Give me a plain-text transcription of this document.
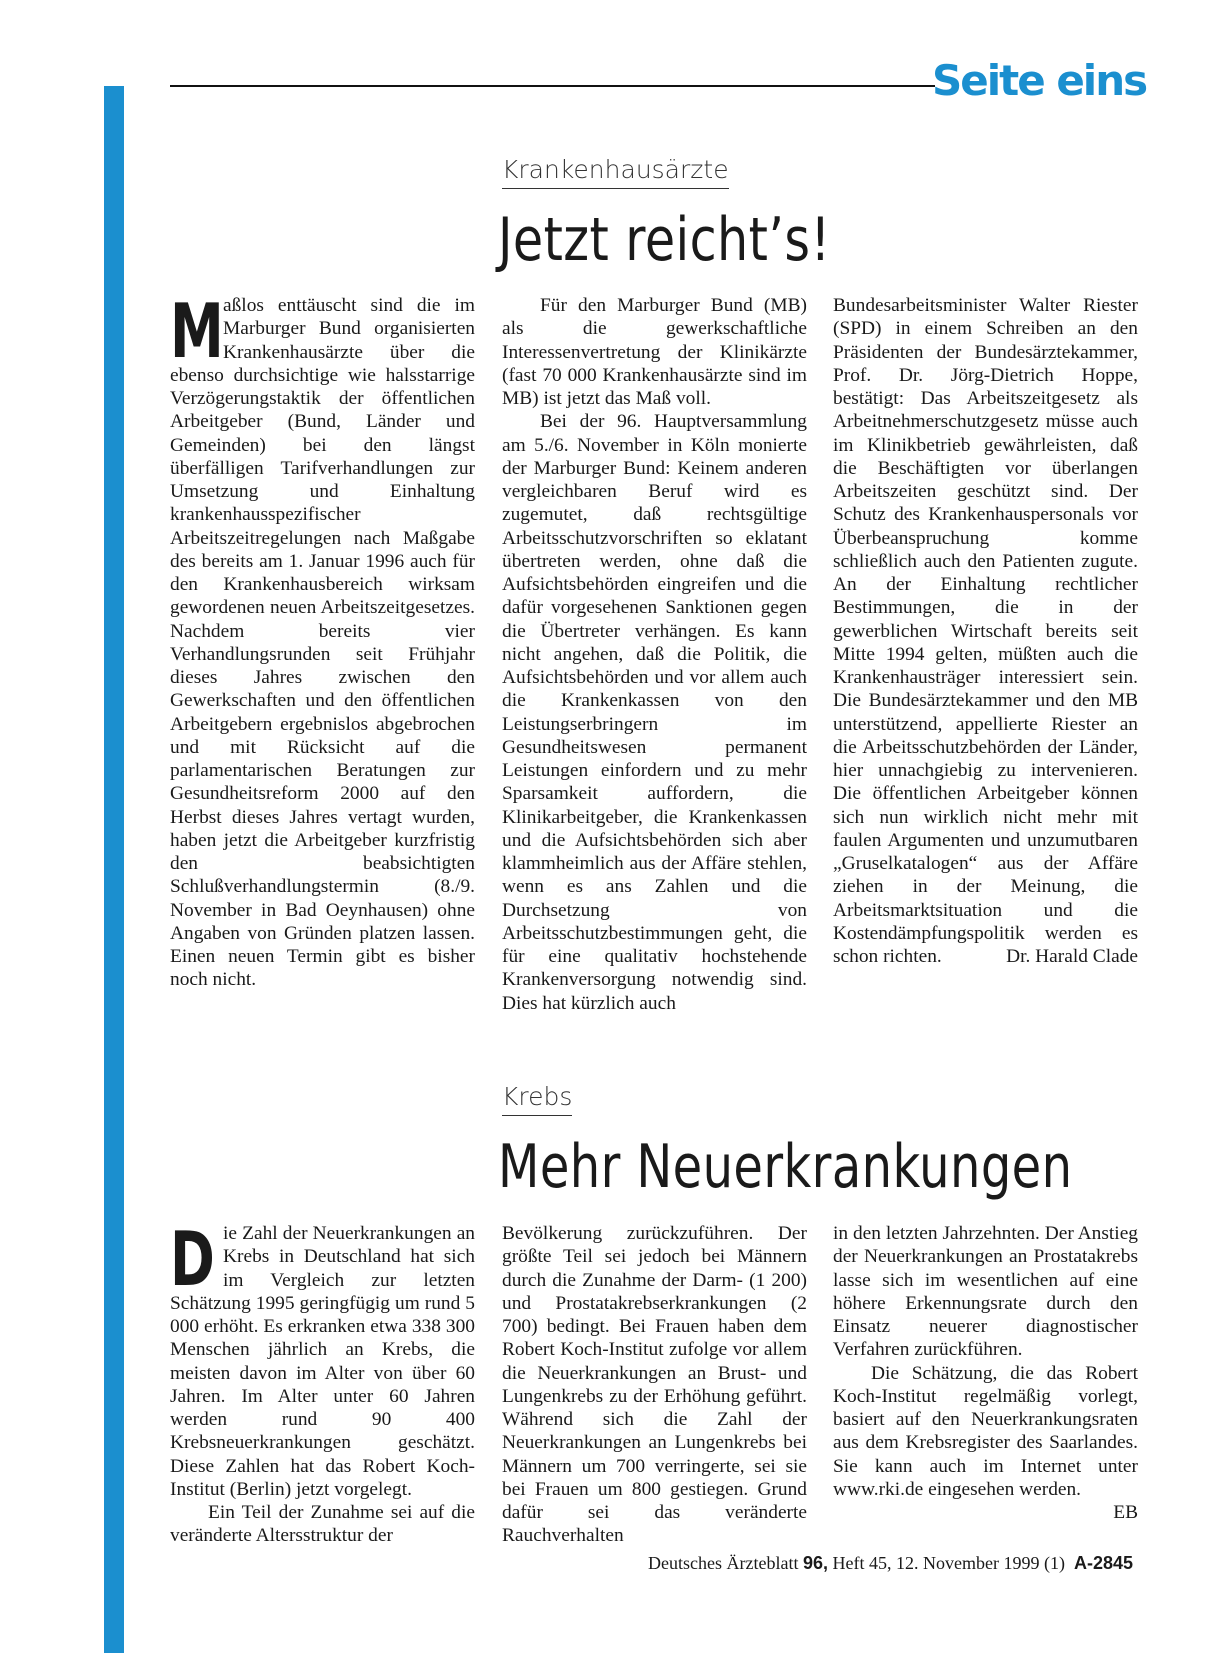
Seite eins
Krankenhausärzte
Jetzt reicht’s!
M aßlos enttäuscht sind die im Marburger Bund organisierten Krankenhausärzte über die ebenso durchsichtige wie halsstarrige Verzögerungstaktik der öffentlichen Arbeitgeber (Bund, Länder und Gemeinden) bei den längst überfälligen Tarifverhandlungen zur Umsetzung und Einhaltung krankenhausspezifischer Arbeitszeitregelungen nach Maßgabe des bereits am 1. Januar 1996 auch für den Krankenhausbereich wirksam gewordenen neuen Arbeitszeitgesetzes. Nachdem bereits vier Verhandlungsrunden seit Frühjahr dieses Jahres zwischen den Gewerkschaften und den öffentlichen Arbeitgebern ergebnislos abgebrochen und mit Rücksicht auf die parlamentarischen Beratungen zur Gesundheitsreform 2000 auf den Herbst dieses Jahres vertagt wurden, haben jetzt die Arbeitgeber kurzfristig den beabsichtigten Schlußverhandlungstermin (8./9. November in Bad Oeynhausen) ohne Angaben von Gründen platzen lassen. Einen neuen Termin gibt es bisher noch nicht.

Für den Marburger Bund (MB) als die gewerkschaftliche Interessenvertretung der Klinikärzte (fast 70 000 Krankenhausärzte sind im MB) ist jetzt das Maß voll.

Bei der 96. Hauptversammlung am 5./6. November in Köln monierte der Marburger Bund: Keinem anderen vergleichbaren Beruf wird es zugemutet, daß rechtsgültige Arbeitsschutzvorschriften so eklatant übertreten werden, ohne daß die Aufsichtsbehörden eingreifen und die dafür vorgesehenen Sanktionen gegen die Übertreter verhängen. Es kann nicht angehen, daß die Politik, die Aufsichtsbehörden und vor allem auch die Krankenkassen von den Leistungserbringern im Gesundheitswesen permanent Leistungen einfordern und zu mehr Sparsamkeit auffordern, die Klinikarbeitgeber, die Krankenkassen und die Aufsichtsbehörden sich aber klammheimlich aus der Affäre stehlen, wenn es ans Zahlen und die Durchsetzung von Arbeitsschutzbestimmungen geht, die für eine qualitativ hochstehende Krankenversorgung notwendig sind. Dies hat kürzlich auch

Bundesarbeitsminister Walter Riester (SPD) in einem Schreiben an den Präsidenten der Bundesärztekammer, Prof. Dr. Jörg-Dietrich Hoppe, bestätigt: Das Arbeitszeitgesetz als Arbeitnehmerschutzgesetz müsse auch im Klinikbetrieb gewährleisten, daß die Beschäftigten vor überlangen Arbeitszeiten geschützt sind. Der Schutz des Krankenhauspersonals vor Überbeanspruchung komme schließlich auch den Patienten zugute. An der Einhaltung rechtlicher Bestimmungen, die in der gewerblichen Wirtschaft bereits seit Mitte 1994 gelten, müßten auch die Krankenhausträger interessiert sein. Die Bundesärztekammer und den MB unterstützend, appellierte Riester an die Arbeitsschutzbehörden der Länder, hier unnachgiebig zu intervenieren. Die öffentlichen Arbeitgeber können sich nun wirklich nicht mehr mit faulen Argumenten und unzumutbaren „Gruselkatalogen“ aus der Affäre ziehen in der Meinung, die Arbeitsmarktsituation und die Kostendämpfungspolitik werden es schon richten.	Dr. Harald Clade

Krebs
Mehr Neuerkrankungen
D ie Zahl der Neuerkrankungen an Krebs in Deutschland hat sich im Vergleich zur letzten Schätzung 1995 geringfügig um rund 5 000 erhöht. Es erkranken etwa 338 300 Menschen jährlich an Krebs, die meisten davon im Alter von über 60 Jahren. Im Alter unter 60 Jahren werden rund 90 400 Krebsneuerkrankungen geschätzt. Diese Zahlen hat das Robert Koch-Institut (Berlin) jetzt vorgelegt.

Ein Teil der Zunahme sei auf die veränderte Altersstruktur der

Bevölkerung zurückzuführen. Der größte Teil sei jedoch bei Männern durch die Zunahme der Darm- (1 200) und Prostatakrebserkrankungen (2 700) bedingt. Bei Frauen haben dem Robert Koch-Institut zufolge vor allem die Neuerkrankungen an Brust- und Lungenkrebs zu der Erhöhung geführt. Während sich die Zahl der Neuerkrankungen an Lungenkrebs bei Männern um 700 verringerte, sei sie bei Frauen um 800 gestiegen. Grund dafür sei das veränderte Rauchverhalten

in den letzten Jahrzehnten. Der Anstieg der Neuerkrankungen an Prostatakrebs lasse sich im wesentlichen auf eine höhere Erkennungsrate durch den Einsatz neuerer diagnostischer Verfahren zurückführen.

Die Schätzung, die das Robert Koch-Institut regelmäßig vorlegt, basiert auf den Neuerkrankungsraten aus dem Krebsregister des Saarlandes. Sie kann auch im Internet unter www.rki.de eingesehen werden.
EB

Deutsches Ärzteblatt 96, Heft 45, 12. November 1999 (1) A-2845
